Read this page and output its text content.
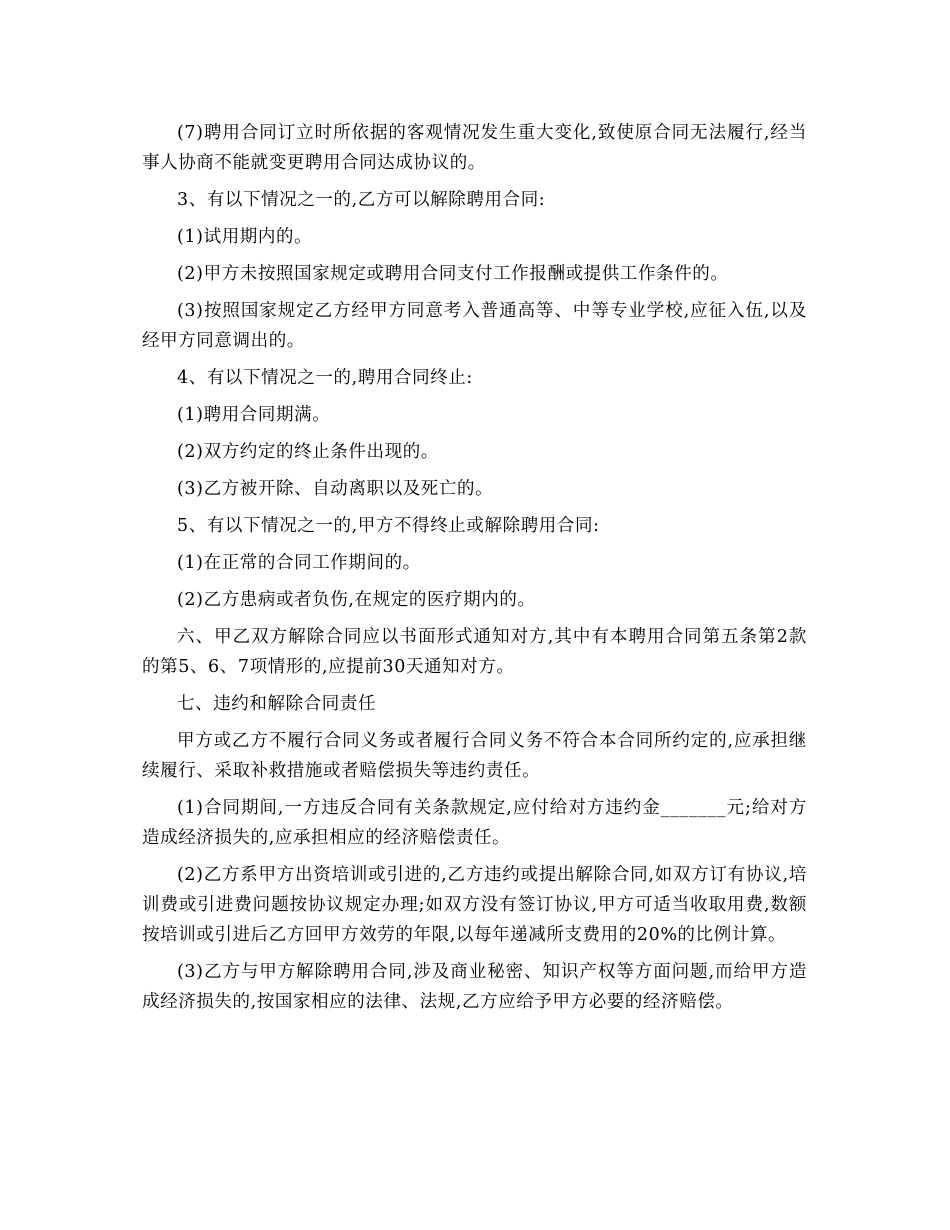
(7)聘用合同订立时所依据的客观情况发生重大变化,致使原合同无法履行,经当事人协商不能就变更聘用合同达成协议的。

3、有以下情况之一的,乙方可以解除聘用合同:

(1)试用期内的。

(2)甲方未按照国家规定或聘用合同支付工作报酬或提供工作条件的。

(3)按照国家规定乙方经甲方同意考入普通高等、中等专业学校,应征入伍,以及经甲方同意调出的。

4、有以下情况之一的,聘用合同终止:

(1)聘用合同期满。

(2)双方约定的终止条件出现的。

(3)乙方被开除、自动离职以及死亡的。

5、有以下情况之一的,甲方不得终止或解除聘用合同:

(1)在正常的合同工作期间的。

(2)乙方患病或者负伤,在规定的医疗期内的。

六、甲乙双方解除合同应以书面形式通知对方,其中有本聘用合同第五条第2款的第5、6、7项情形的,应提前30天通知对方。

七、违约和解除合同责任

甲方或乙方不履行合同义务或者履行合同义务不符合本合同所约定的,应承担继续履行、采取补救措施或者赔偿损失等违约责任。

(1)合同期间,一方违反合同有关条款规定,应付给对方违约金_______元;给对方造成经济损失的,应承担相应的经济赔偿责任。

(2)乙方系甲方出资培训或引进的,乙方违约或提出解除合同,如双方订有协议,培训费或引进费问题按协议规定办理;如双方没有签订协议,甲方可适当收取用费,数额按培训或引进后乙方回甲方效劳的年限,以每年递减所支费用的20%的比例计算。

(3)乙方与甲方解除聘用合同,涉及商业秘密、知识产权等方面问题,而给甲方造成经济损失的,按国家相应的法律、法规,乙方应给予甲方必要的经济赔偿。
